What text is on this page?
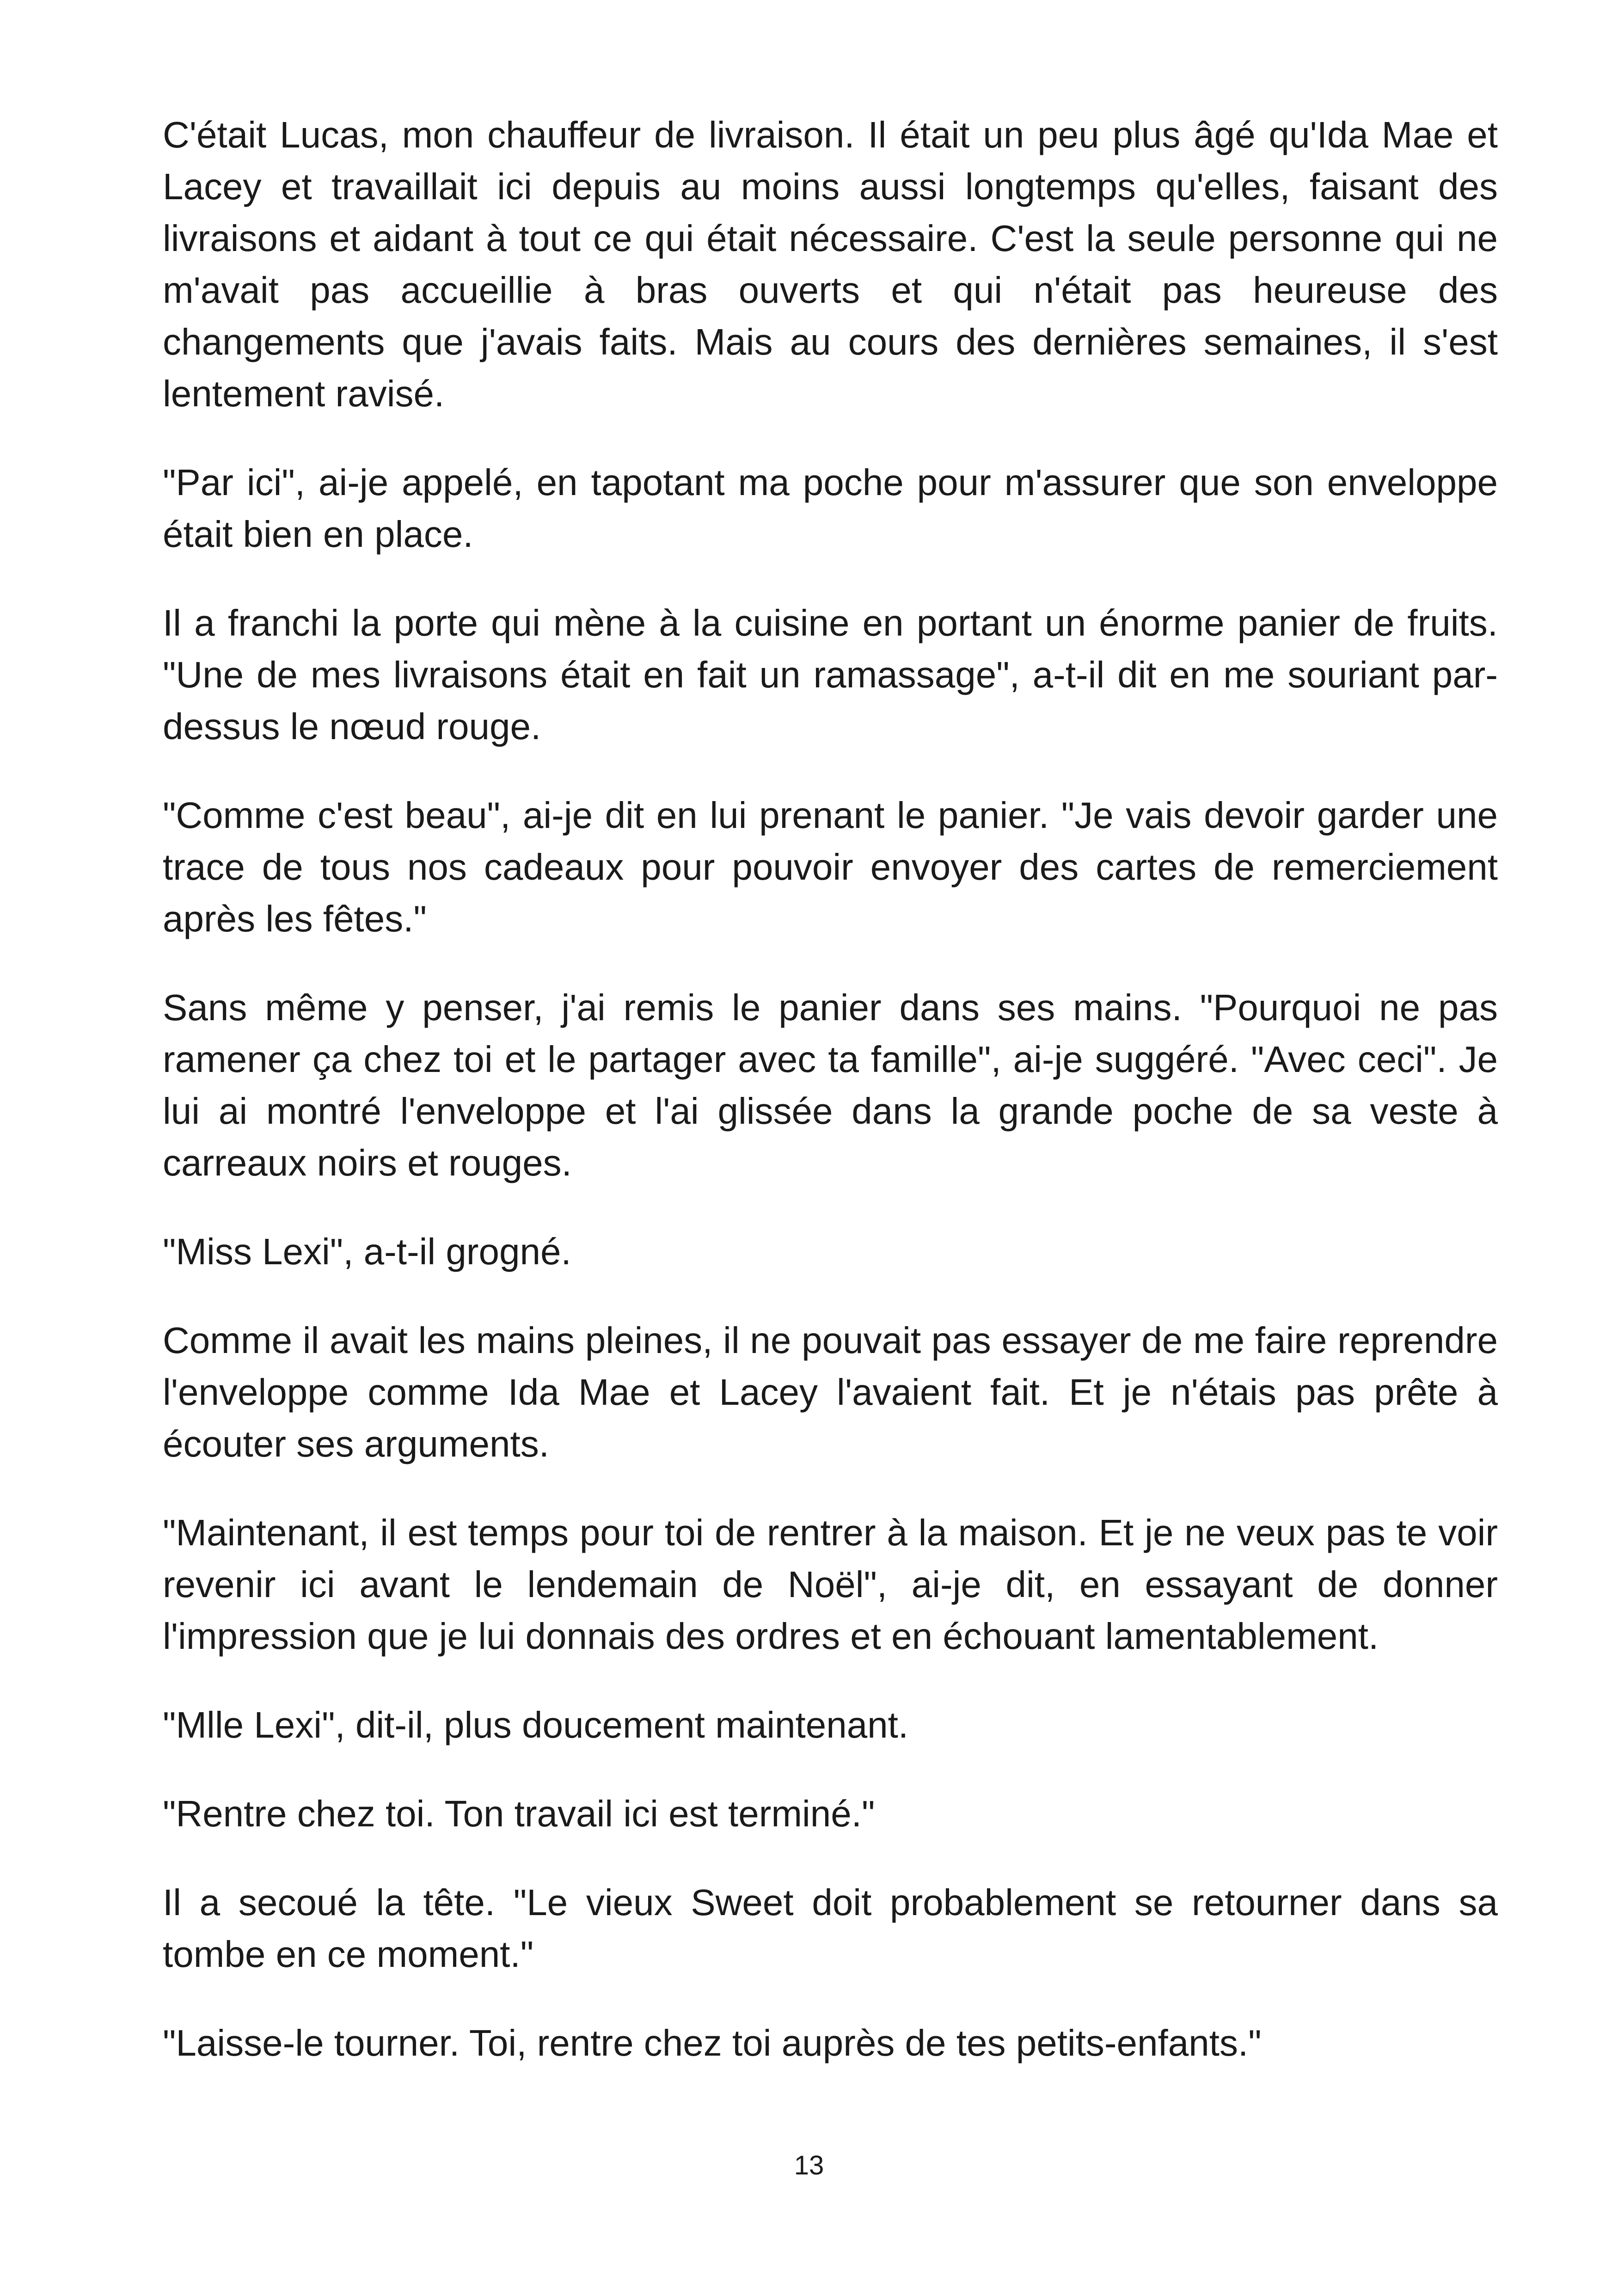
C'était Lucas, mon chauffeur de livraison. Il était un peu plus âgé qu'Ida Mae et Lacey et travaillait ici depuis au moins aussi longtemps qu'elles, faisant des livraisons et aidant à tout ce qui était nécessaire. C'est la seule personne qui ne m'avait pas accueillie à bras ouverts et qui n'était pas heureuse des changements que j'avais faits. Mais au cours des dernières semaines, il s'est lentement ravisé.

"Par ici", ai-je appelé, en tapotant ma poche pour m'assurer que son enveloppe était bien en place.

Il a franchi la porte qui mène à la cuisine en portant un énorme panier de fruits. "Une de mes livraisons était en fait un ramassage", a-t-il dit en me souriant par-dessus le nœud rouge.

"Comme c'est beau", ai-je dit en lui prenant le panier. "Je vais devoir garder une trace de tous nos cadeaux pour pouvoir envoyer des cartes de remerciement après les fêtes."

Sans même y penser, j'ai remis le panier dans ses mains. "Pourquoi ne pas ramener ça chez toi et le partager avec ta famille", ai-je suggéré. "Avec ceci". Je lui ai montré l'enveloppe et l'ai glissée dans la grande poche de sa veste à carreaux noirs et rouges.

"Miss Lexi", a-t-il grogné.

Comme il avait les mains pleines, il ne pouvait pas essayer de me faire reprendre l'enveloppe comme Ida Mae et Lacey l'avaient fait. Et je n'étais pas prête à écouter ses arguments.

"Maintenant, il est temps pour toi de rentrer à la maison. Et je ne veux pas te voir revenir ici avant le lendemain de Noël", ai-je dit, en essayant de donner l'impression que je lui donnais des ordres et en échouant lamentablement.

"Mlle Lexi", dit-il, plus doucement maintenant.

"Rentre chez toi. Ton travail ici est terminé."

Il a secoué la tête. "Le vieux Sweet doit probablement se retourner dans sa tombe en ce moment."

"Laisse-le tourner. Toi, rentre chez toi auprès de tes petits-enfants."

13
